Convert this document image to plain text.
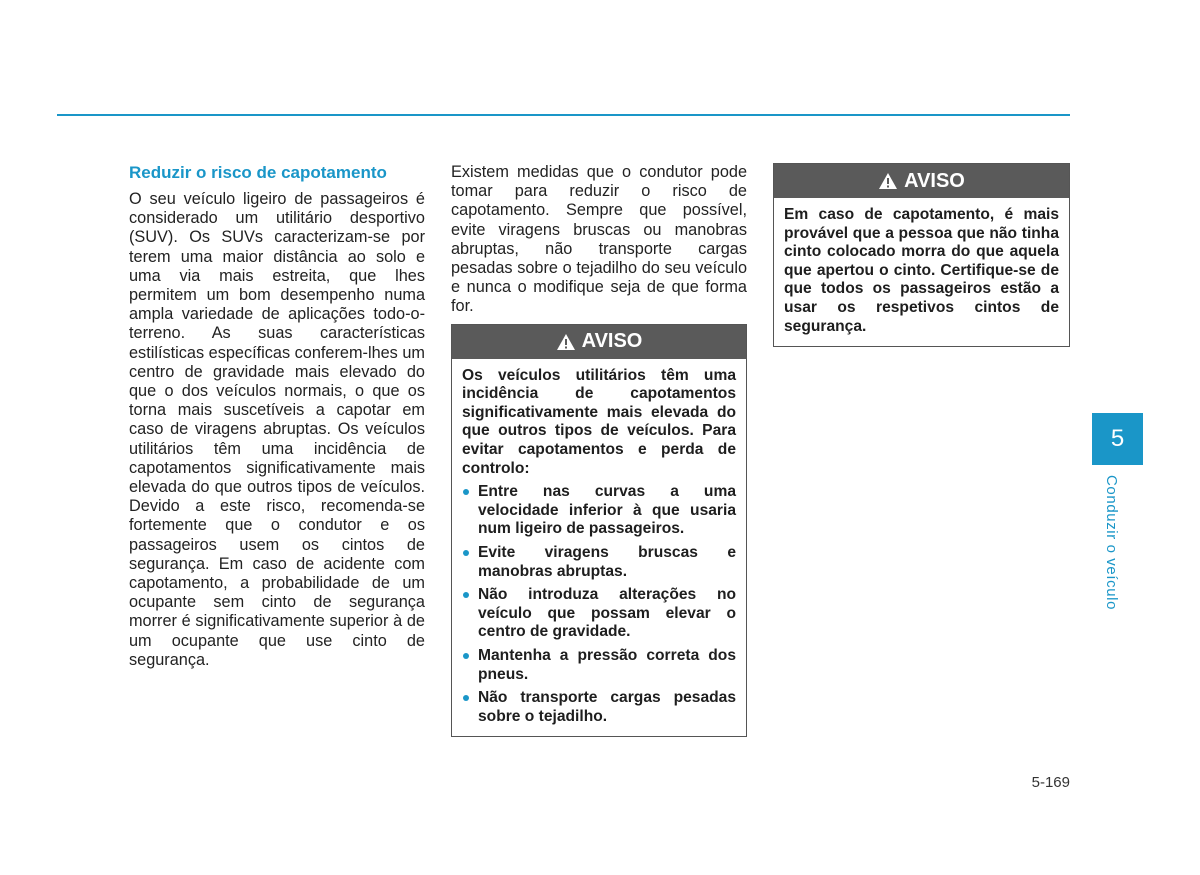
Reduzir o risco de capotamento

O seu veículo ligeiro de passageiros é considerado um utilitário desportivo (SUV). Os SUVs caracterizam-se por terem uma maior distância ao solo e uma via mais estreita, que lhes permitem um bom desempenho numa ampla variedade de aplicações todo-o-terreno. As suas características estilísticas específicas conferem-lhes um centro de gravidade mais elevado do que o dos veículos normais, o que os torna mais suscetíveis a capotar em caso de viragens abruptas. Os veículos utilitários têm uma incidência de capotamentos significativamente mais elevada do que outros tipos de veículos. Devido a este risco, recomenda-se fortemente que o condutor e os passageiros usem os cintos de segurança. Em caso de acidente com capotamento, a probabilidade de um ocupante sem cinto de segurança morrer é significativamente superior à de um ocupante que use cinto de segurança.

Existem medidas que o condutor pode tomar para reduzir o risco de capotamento. Sempre que possível, evite viragens bruscas ou manobras abruptas, não transporte cargas pesadas sobre o tejadilho do seu veículo e nunca o modifique seja de que forma for.

AVISO

Os veículos utilitários têm uma incidência de capotamentos significativamente mais elevada do que outros tipos de veículos. Para evitar capotamentos e perda de controlo:

Entre nas curvas a uma velocidade inferior à que usaria num ligeiro de passageiros.
Evite viragens bruscas e manobras abruptas.
Não introduza alterações no veículo que possam elevar o centro de gravidade.
Mantenha a pressão correta dos pneus.
Não transporte cargas pesadas sobre o tejadilho.
AVISO

Em caso de capotamento, é mais provável que a pessoa que não tinha cinto colocado morra do que aquela que apertou o cinto. Certifique-se de que todos os passageiros estão a usar os respetivos cintos de segurança.

5
Conduzir o veículo
5-169
